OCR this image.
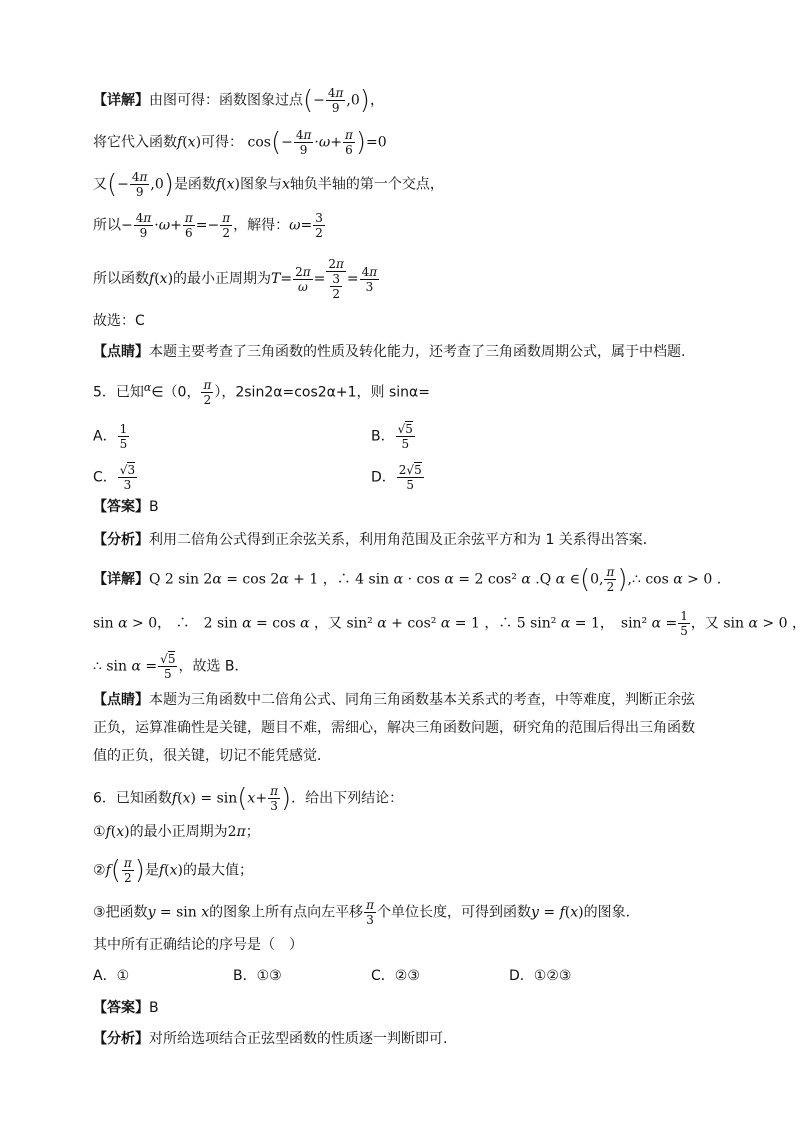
【详解】由图可得：函数图象过点(− $\frac{4\pi}{9} ,0$)，
将它代入函数f(x)可得： $\cos(- \frac{4\pi}{9} \cdot\omega+ \frac{\pi}{6} )=0$
又(− $\frac{4\pi}{9} ,0$)是函数f(x)图象与x轴负半轴的第一个交点，
所以− $\frac{4\pi}{9} \cdot\omega+ \frac{\pi}{6} =- \frac{\pi}{2}$ ，解得：$\omega= \frac{3}{2}$
所以函数f(x)的最小正周期为$T= \frac{2\pi}{\omega} = 2\pi$
3
$2 = \frac{4\pi}{3}$
故选：C
【点睛】本题主要考查了三角函数的性质及转化能力，还考查了三角函数周期公式，属于中档题.
5．已知$^\alpha$∈（0， $\frac{\pi}{2}$ ），2sin2α=cos2α+1，则 sinα=
A． $\frac{1}{5}$	B． $\frac{√5}{5}$
C． $\frac{√3}{3}$	D． $\frac{2√5}{5}$
【答案】B
【分析】利用二倍角公式得到正余弦关系，利用角范围及正余弦平方和为 1 关系得出答案．
【详解】Q 2 sin 2α = cos 2α + 1 ，∴ 4 sin α · cos α = 2 cos² α .Q α ∈(0, $\frac{\pi}{2}$ ),∴ cos α > 0 .
sin α > 0， ∴　2 sin α = cos α ，又 sin² α + cos² α = 1 ，∴ 5 sin² α = 1，　sin² $\alpha = \frac{1}{5}$ ，又 sin α > 0 ，
∴ $\sin \alpha = \frac{√5}{5}$ ，故选 B．
【点睛】本题为三角函数中二倍角公式、同角三角函数基本关系式的考查，中等难度，判断正余弦
正负，运算准确性是关键，题目不难，需细心，解决三角函数问题，研究角的范围后得出三角函数
值的正负，很关键，切记不能凭感觉．
6．已知函数$f(x) = \sin(x+ \frac{\pi}{3}$ )．给出下列结论：
①f(x)的最小正周期为2π；
②f( $\frac{\pi}{2}$ )是f(x)的最大值；
③把函数y = sin x的图象上所有点向左平移 $\frac{\pi}{3}$ 个单位长度，可得到函数y = f(x)的图象．
其中所有正确结论的序号是（　）
A．①	B．①③	C．②③	D．①②③
【答案】B
【分析】对所给选项结合正弦型函数的性质逐一判断即可.
